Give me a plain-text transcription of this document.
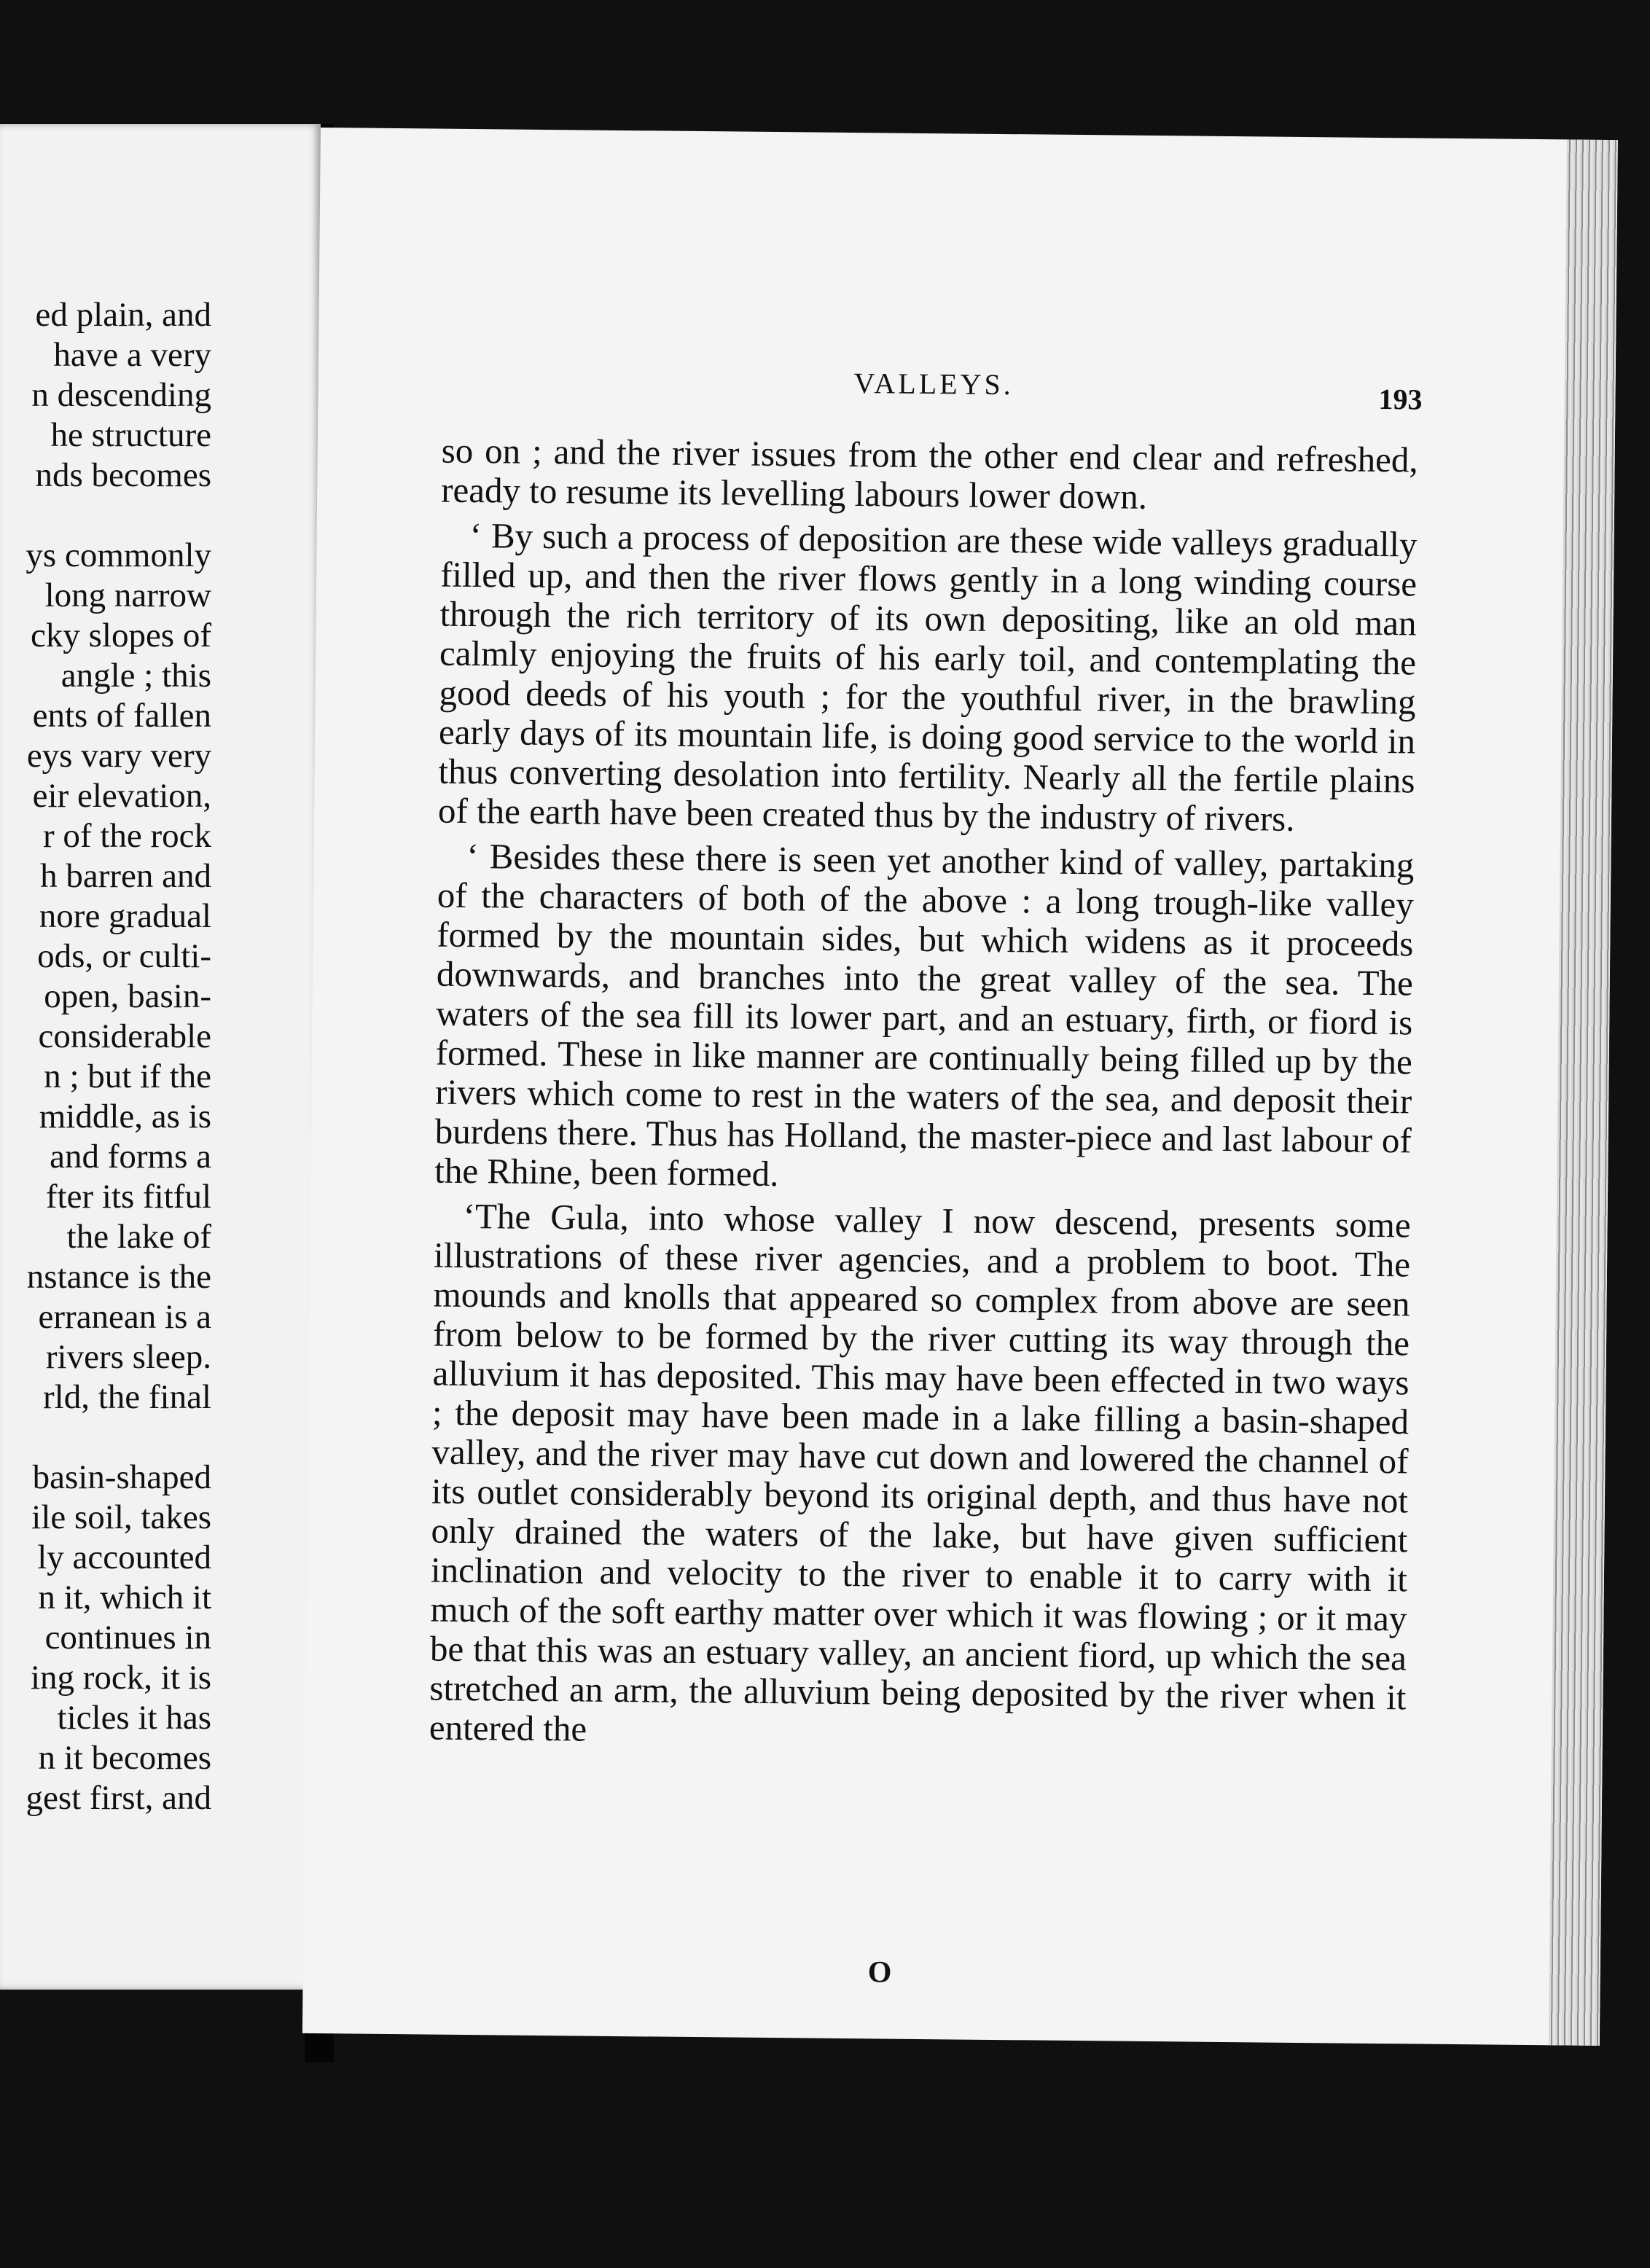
ed plain, and
have a very
n descending
he structure
nds becomes
ys commonly
long narrow
cky slopes of
angle ; this
ents of fallen
eys vary very
eir elevation,
r of the rock
h barren and
nore gradual
ods, or culti-
open, basin-
considerable
n ; but if the
middle, as is
and forms a
fter its fitful
the lake of
nstance is the
erranean is a
rivers sleep.
rld, the final
basin-shaped
ile soil, takes
ly accounted
n it, which it
continues in
ing rock, it is
ticles it has
n it becomes
gest first, and
VALLEYS.	193

so on ; and the river issues from the other end clear and refreshed, ready to resume its levelling labours lower down.

‘ By such a process of deposition are these wide valleys gradually filled up, and then the river flows gently in a long winding course through the rich territory of its own depositing, like an old man calmly enjoying the fruits of his early toil, and contemplating the good deeds of his youth ; for the youthful river, in the brawling early days of its mountain life, is doing good service to the world in thus converting desolation into fertility. Nearly all the fertile plains of the earth have been created thus by the industry of rivers.

‘ Besides these there is seen yet another kind of valley, partaking of the characters of both of the above : a long trough-like valley formed by the mountain sides, but which widens as it proceeds downwards, and branches into the great valley of the sea. The waters of the sea fill its lower part, and an estuary, firth, or fiord is formed. These in like manner are continually being filled up by the rivers which come to rest in the waters of the sea, and deposit their burdens there. Thus has Holland, the master-piece and last labour of the Rhine, been formed.

‘The Gula, into whose valley I now descend, presents some illustrations of these river agencies, and a problem to boot. The mounds and knolls that appeared so complex from above are seen from below to be formed by the river cutting its way through the alluvium it has deposited. This may have been effected in two ways ; the deposit may have been made in a lake filling a basin-shaped valley, and the river may have cut down and lowered the channel of its outlet considerably beyond its original depth, and thus have not only drained the waters of the lake, but have given sufficient inclination and velocity to the river to enable it to carry with it much of the soft earthy matter over which it was flowing ; or it may be that this was an estuary valley, an ancient fiord, up which the sea stretched an arm, the alluvium being deposited by the river when it entered the

O
